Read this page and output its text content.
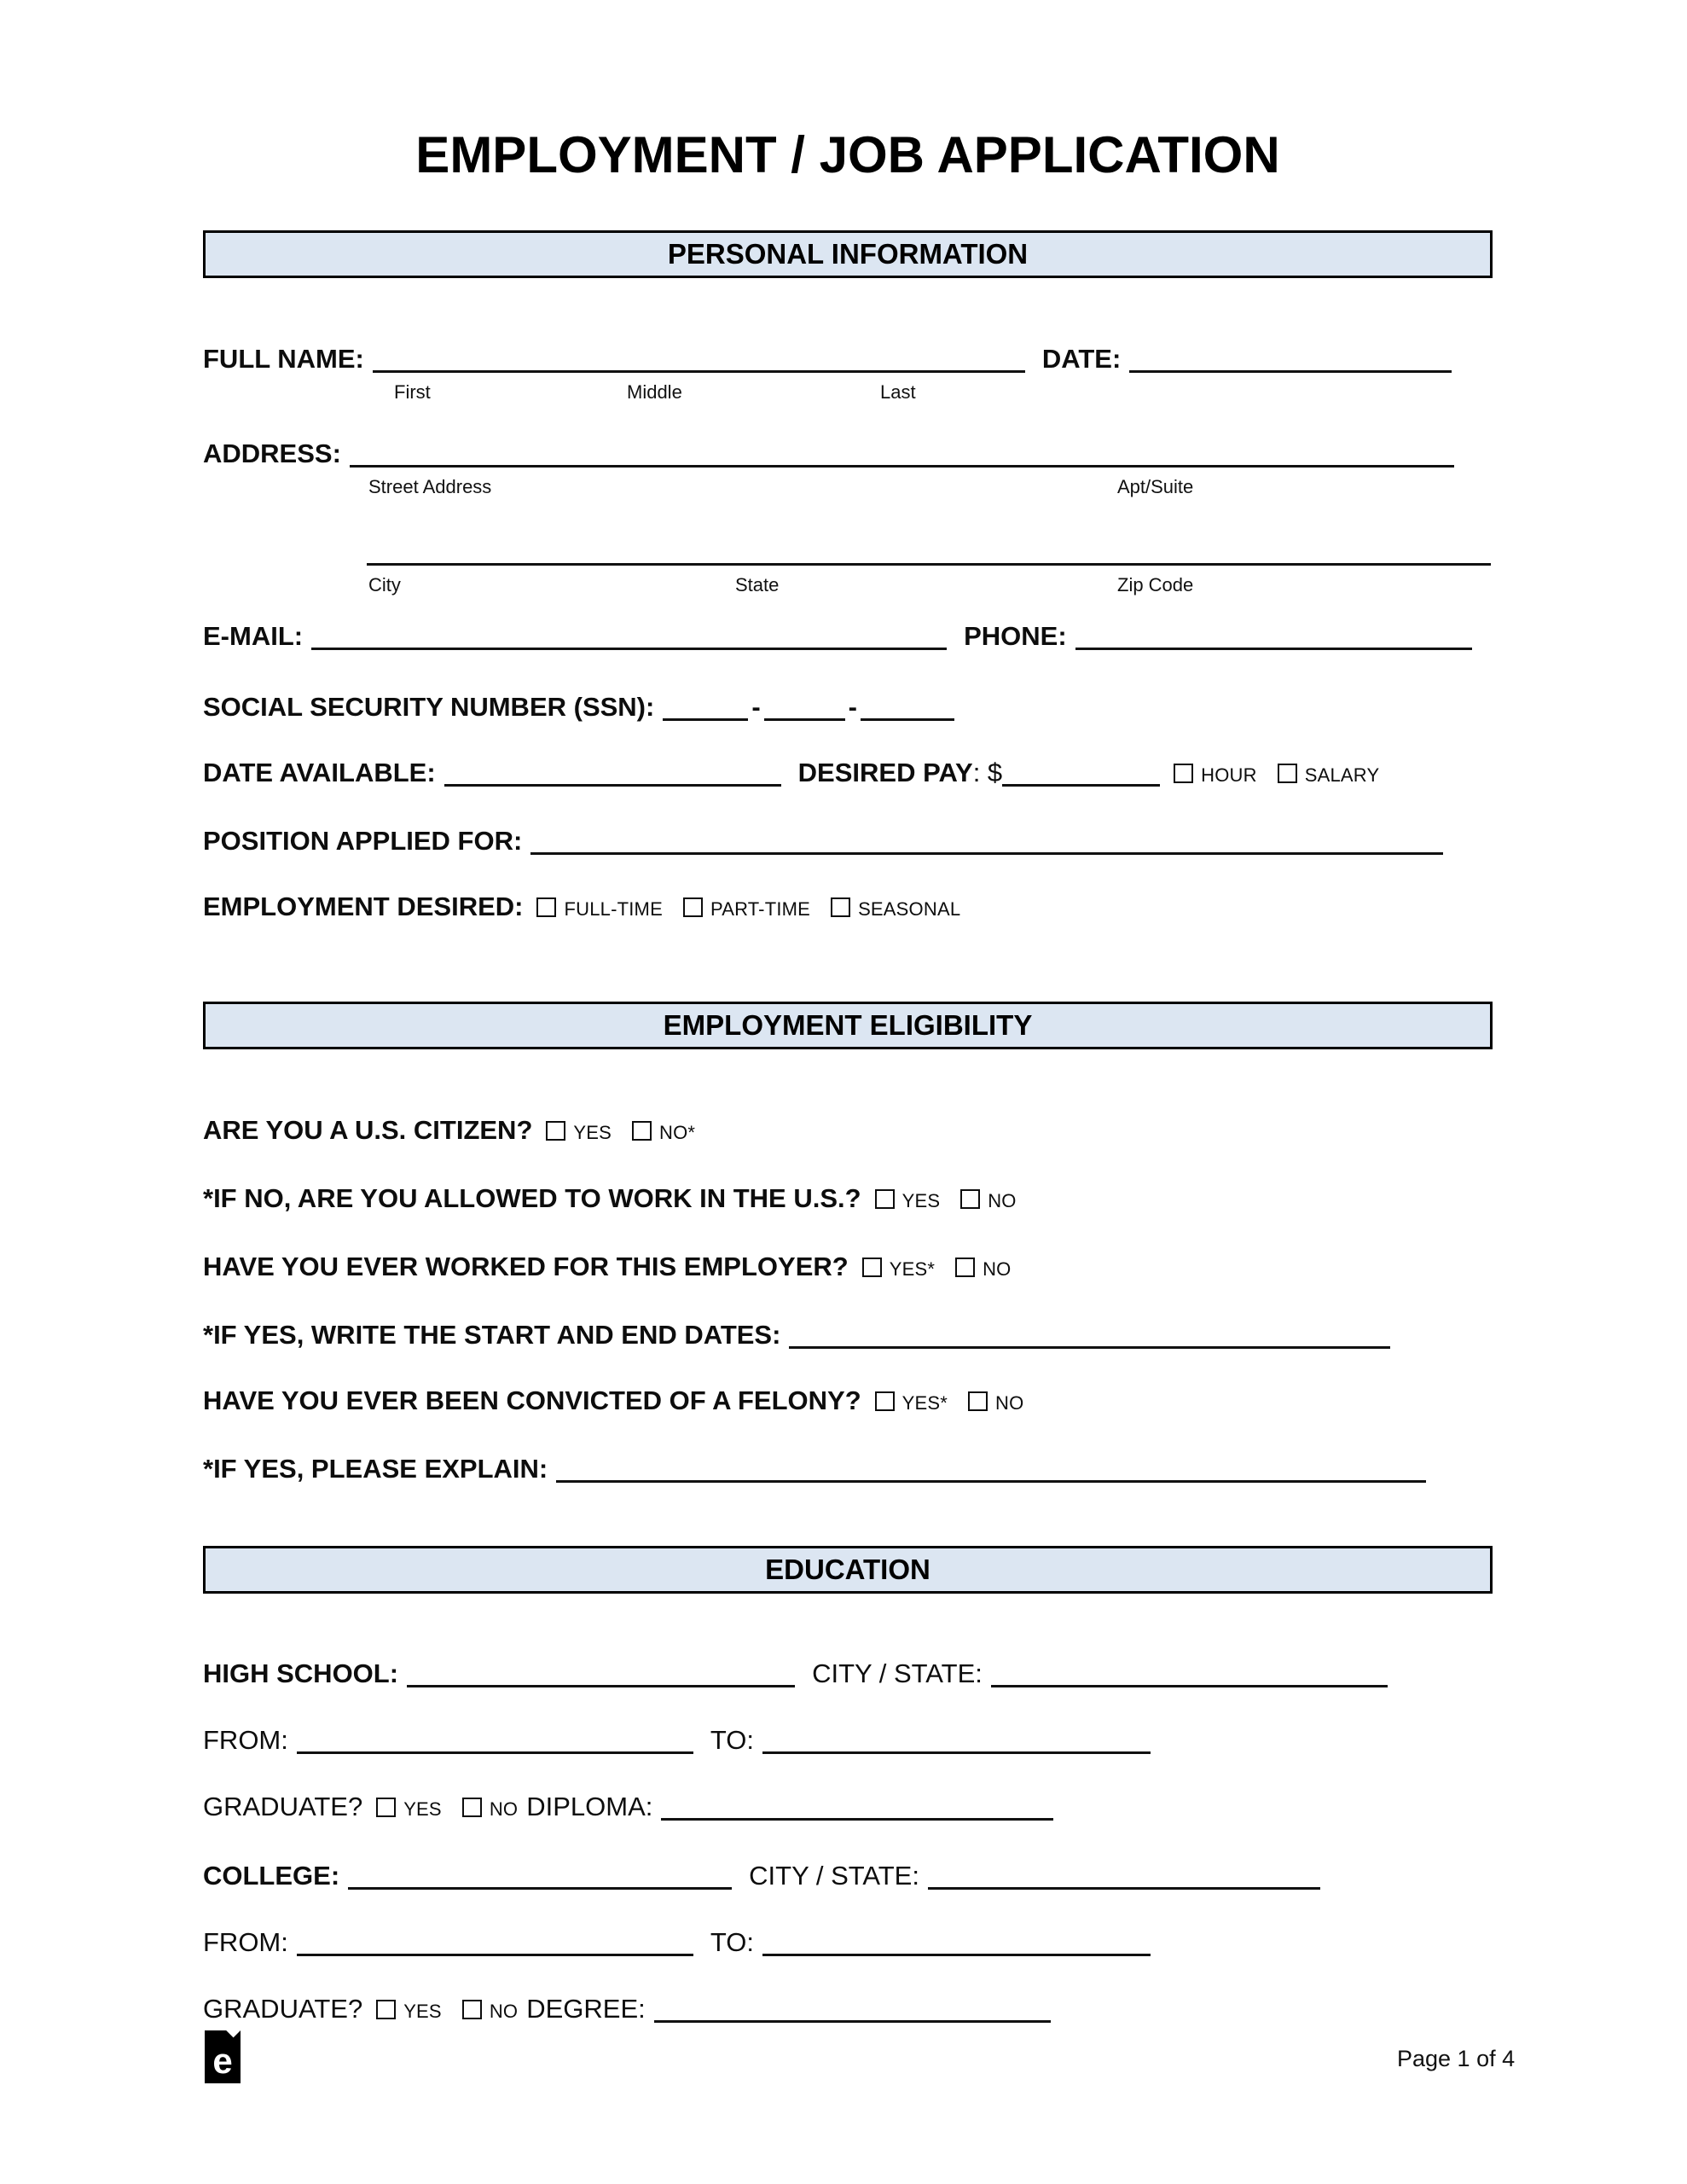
EMPLOYMENT / JOB APPLICATION
PERSONAL INFORMATION
FULL NAME:	DATE:
First	Middle	Last
ADDRESS:
Street Address	Apt/Suite
City	State	Zip Code
E-MAIL:	PHONE:
SOCIAL SECURITY NUMBER (SSN):	-	-
DATE AVAILABLE:	DESIRED PAY: $	HOUR	SALARY
POSITION APPLIED FOR:
EMPLOYMENT DESIRED: FULL-TIME	PART-TIME	SEASONAL
EMPLOYMENT ELIGIBILITY
ARE YOU A U.S. CITIZEN? YES	NO*
*IF NO, ARE YOU ALLOWED TO WORK IN THE U.S.? YES	NO
HAVE YOU EVER WORKED FOR THIS EMPLOYER? YES*	NO
*IF YES, WRITE THE START AND END DATES:
HAVE YOU EVER BEEN CONVICTED OF A FELONY? YES*	NO
*IF YES, PLEASE EXPLAIN:
EDUCATION
HIGH SCHOOL:	CITY / STATE:
FROM:	TO:
GRADUATE? YES	NO DIPLOMA:
COLLEGE:	CITY / STATE:
FROM:	TO:
GRADUATE? YES	NO DEGREE:
e	Page 1 of 4
